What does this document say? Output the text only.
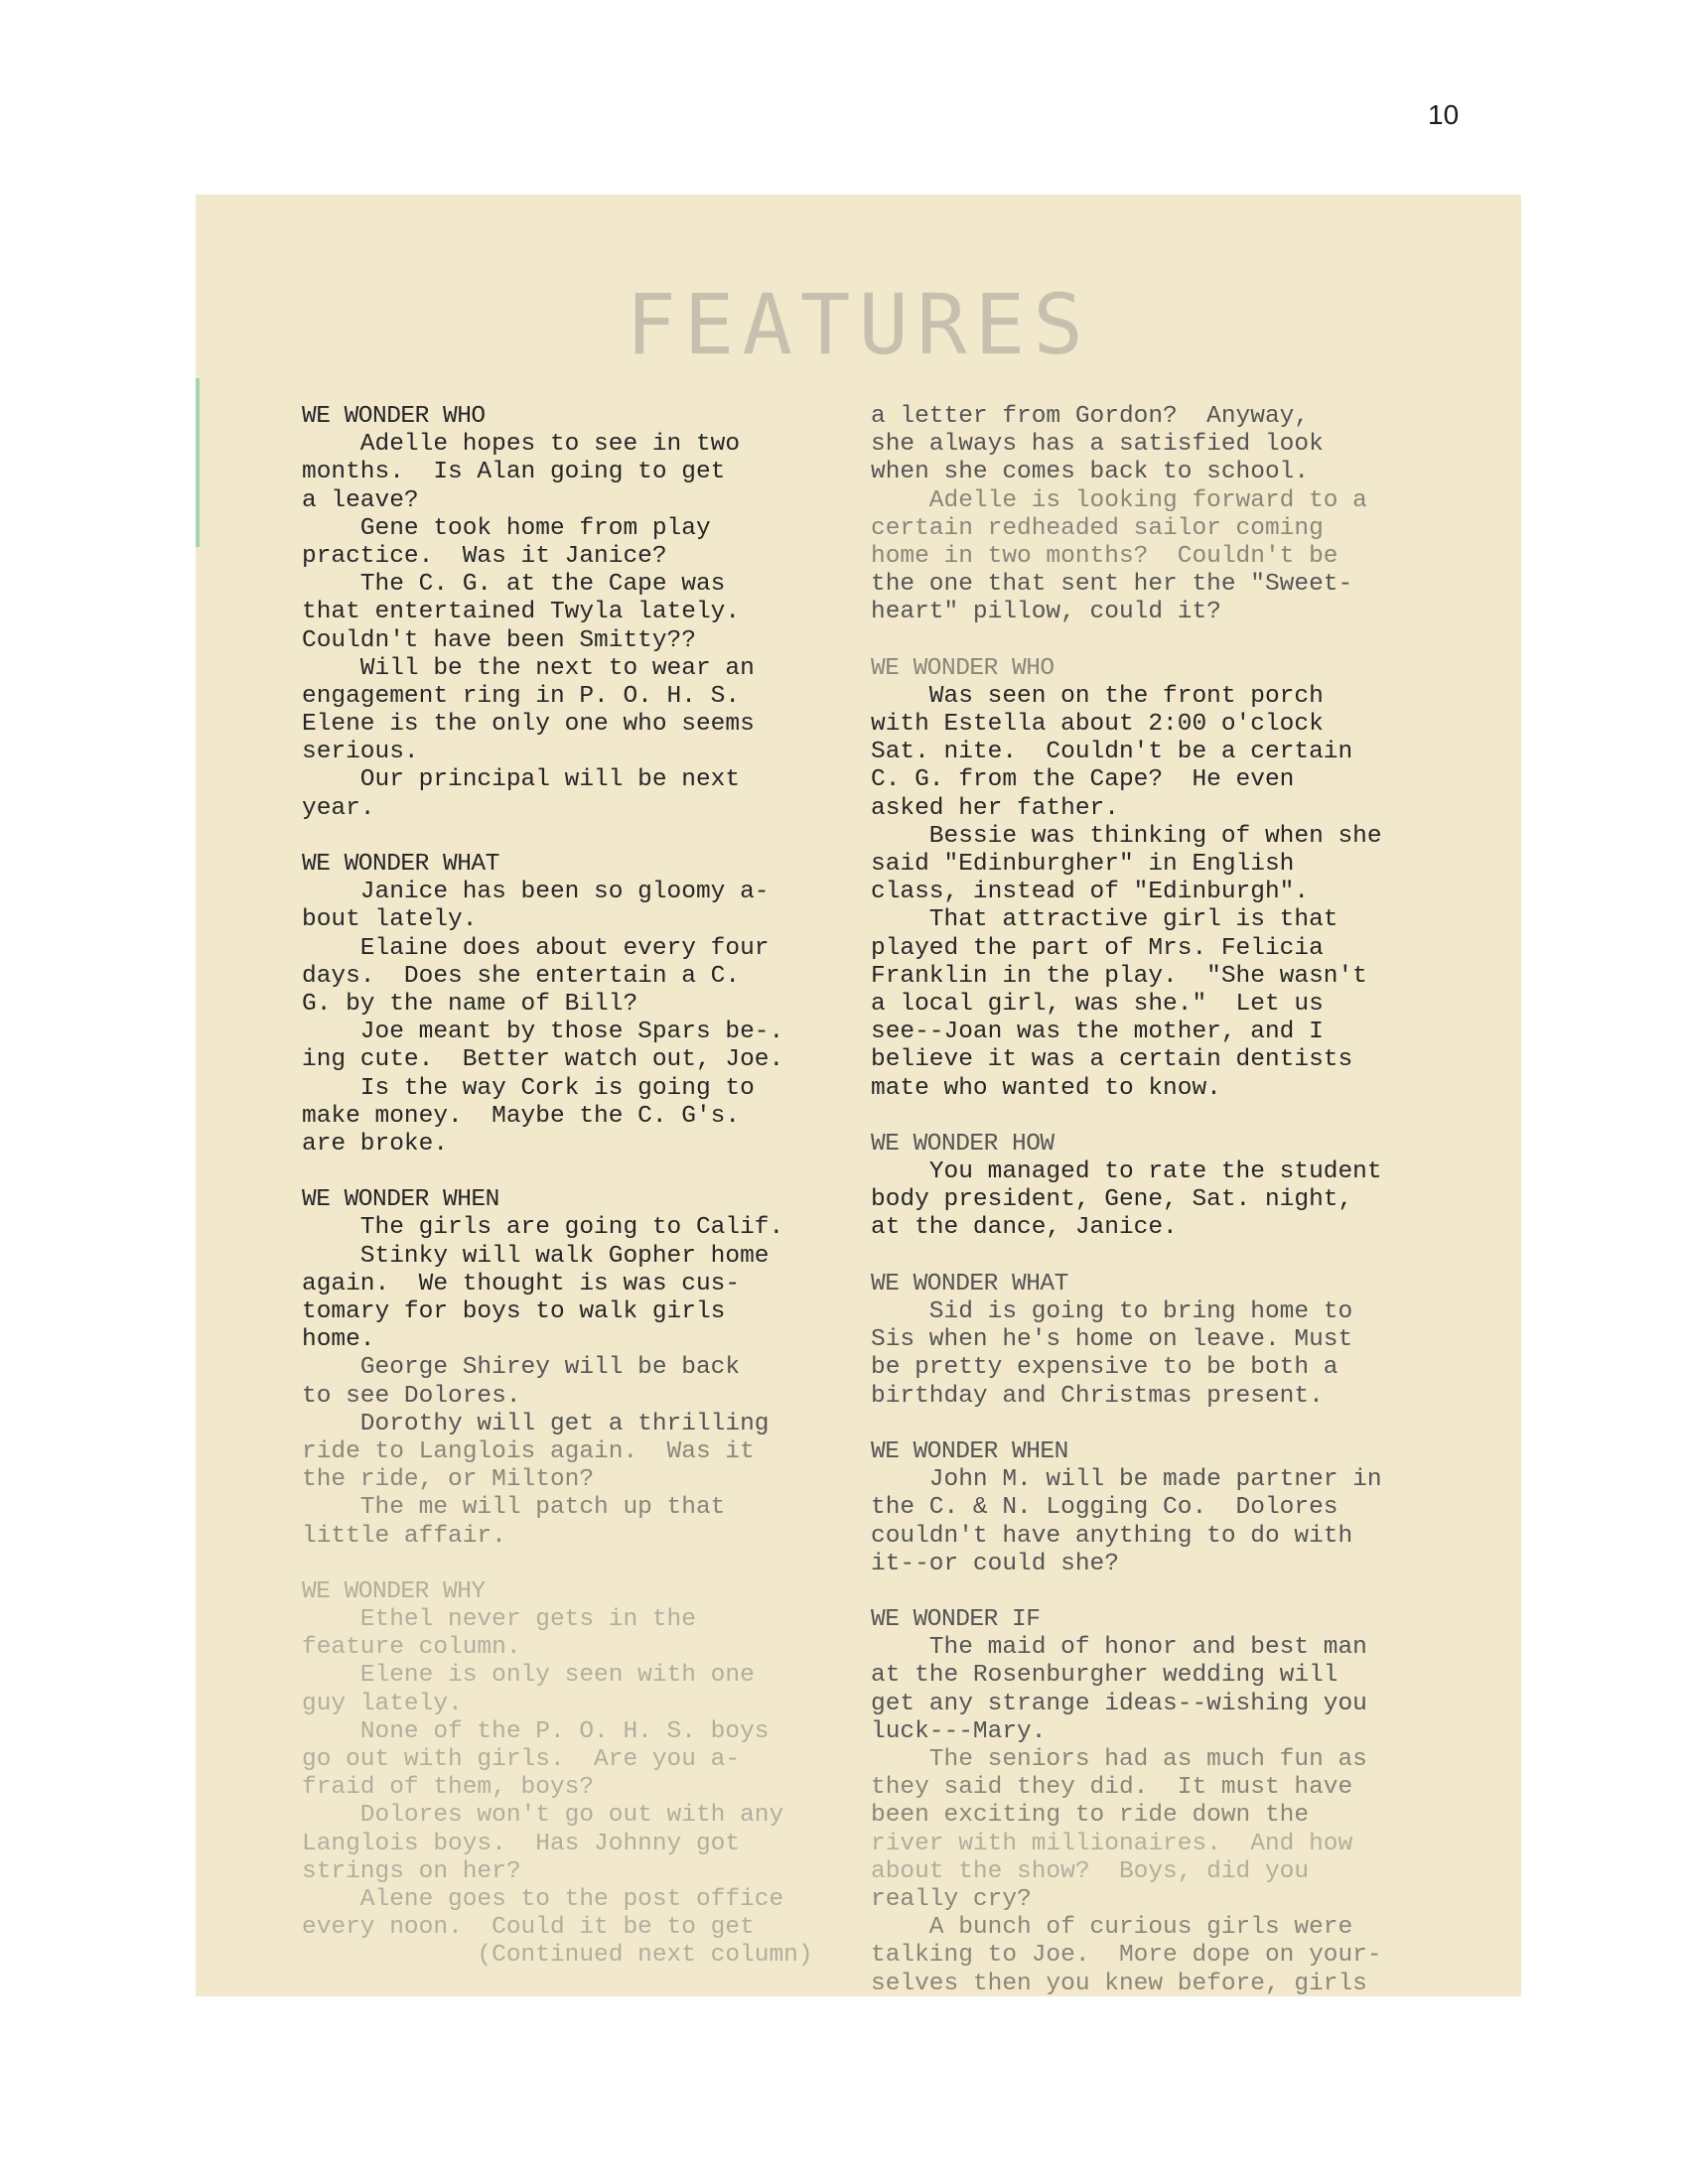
10
FEATURES
WE WONDER WHO
Adelle hopes to see in two
months.  Is Alan going to get
a leave?
Gene took home from play
practice.  Was it Janice?
The C. G. at the Cape was
that entertained Twyla lately.
Couldn't have been Smitty??
Will be the next to wear an
engagement ring in P. O. H. S.
Elene is the only one who seems
serious.
Our principal will be next
year.
WE WONDER WHAT
Janice has been so gloomy a-
bout lately.
Elaine does about every four
days.  Does she entertain a C.
G. by the name of Bill?
Joe meant by those Spars be-.
ing cute.  Better watch out, Joe.
Is the way Cork is going to
make money.  Maybe the C. G's.
are broke.
WE WONDER WHEN
The girls are going to Calif.
Stinky will walk Gopher home
again.  We thought is was cus-
tomary for boys to walk girls
home.
George Shirey will be back
to see Dolores.
Dorothy will get a thrilling
ride to Langlois again.  Was it
the ride, or Milton?
The me will patch up that
little affair.
WE WONDER WHY
Ethel never gets in the
feature column.
Elene is only seen with one
guy lately.
None of the P. O. H. S. boys
go out with girls.  Are you a-
fraid of them, boys?
Dolores won't go out with any
Langlois boys.  Has Johnny got
strings on her?
Alene goes to the post office
every noon.  Could it be to get
(Continued next column)
a letter from Gordon?  Anyway,
she always has a satisfied look
when she comes back to school.
Adelle is looking forward to a
certain redheaded sailor coming
home in two months?  Couldn't be
the one that sent her the "Sweet-
heart" pillow, could it?
WE WONDER WHO
Was seen on the front porch
with Estella about 2:00 o'clock
Sat. nite.  Couldn't be a certain
C. G. from the Cape?  He even
asked her father.
Bessie was thinking of when she
said "Edinburgher" in English
class, instead of "Edinburgh".
That attractive girl is that
played the part of Mrs. Felicia
Franklin in the play.  "She wasn't
a local girl, was she."  Let us
see--Joan was the mother, and I
believe it was a certain dentists
mate who wanted to know.
WE WONDER HOW
You managed to rate the student
body president, Gene, Sat. night,
at the dance, Janice.
WE WONDER WHAT
Sid is going to bring home to
Sis when he's home on leave. Must
be pretty expensive to be both a
birthday and Christmas present.
WE WONDER WHEN
John M. will be made partner in
the C. & N. Logging Co.  Dolores
couldn't have anything to do with
it--or could she?
WE WONDER IF
The maid of honor and best man
at the Rosenburgher wedding will
get any strange ideas--wishing you
luck---Mary.
The seniors had as much fun as
they said they did.  It must have
been exciting to ride down the
river with millionaires.  And how
about the show?  Boys, did you
really cry?
A bunch of curious girls were
talking to Joe.  More dope on your-
selves then you knew before, girls
